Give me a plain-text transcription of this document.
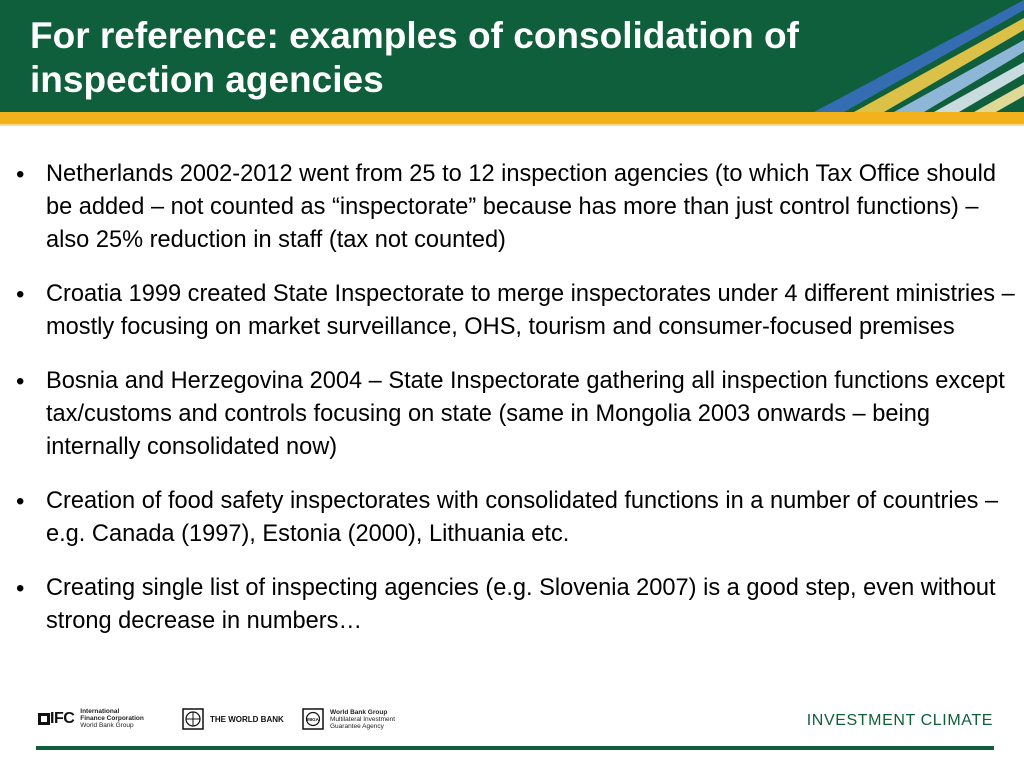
For reference: examples of consolidation of inspection agencies
• Netherlands 2002-2012 went from 25 to 12 inspection agencies (to which Tax Office should be added – not counted as “inspectorate” because has more than just control functions) – also 25% reduction in staff (tax not counted)
• Croatia 1999 created State Inspectorate to merge inspectorates under 4 different ministries – mostly focusing on market surveillance, OHS, tourism and consumer-focused premises
• Bosnia and Herzegovina 2004 – State Inspectorate gathering all inspection functions except tax/customs and controls focusing on state (same in Mongolia 2003 onwards – being internally consolidated now)
• Creation of food safety inspectorates with consolidated functions in a number of countries – e.g. Canada (1997), Estonia (2000), Lithuania etc.
• Creating single list of inspecting agencies (e.g. Slovenia 2007) is a good step, even without strong decrease in numbers…
IFC International
Finance Corporation
World Bank Group
THE WORLD BANK	MIGA
World Bank Group
Multilateral Investment
Guarantee Agency	INVESTMENT CLIMATE
